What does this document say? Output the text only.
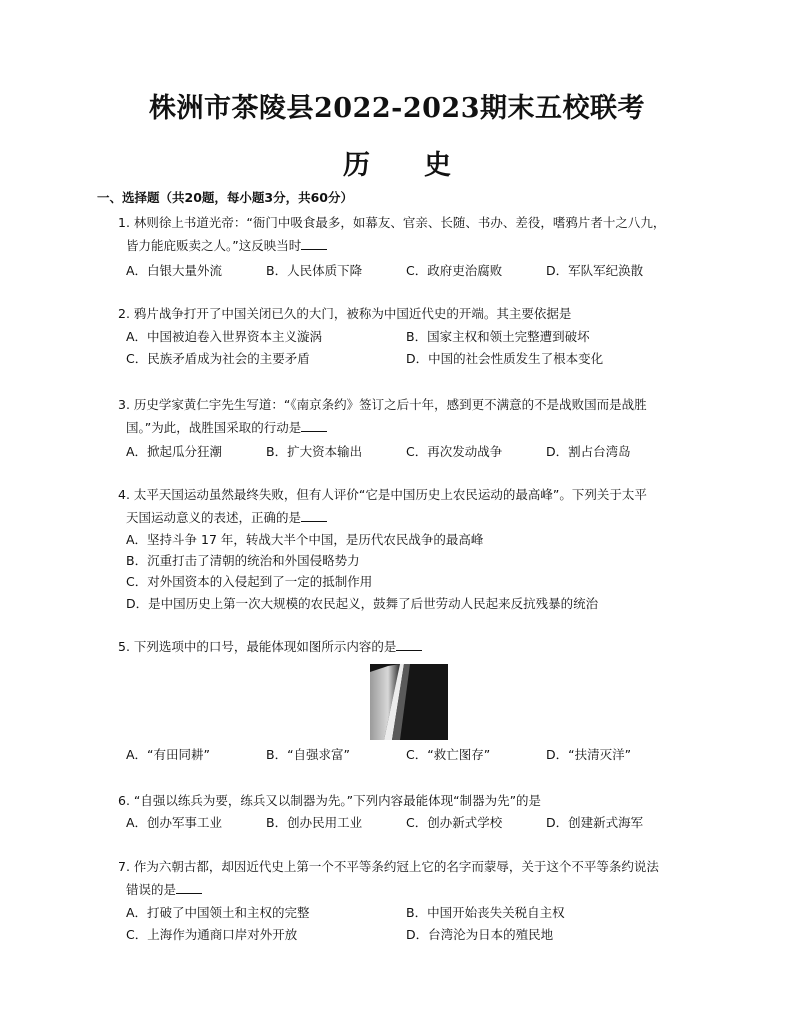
株洲市茶陵县2022-2023期末五校联考
历　　史
一、选择题（共20题，每小题3分，共60分）
1. 林则徐上书道光帝：“衙门中吸食最多，如幕友、官亲、长随、书办、差役，嗜鸦片者十之八九，
皆力能庇贩卖之人。”这反映当时
A．白银大量外流	B．人民体质下降	C．政府吏治腐败	D．军队军纪涣散
2. 鸦片战争打开了中国关闭已久的大门，被称为中国近代史的开端。其主要依据是
A．中国被迫卷入世界资本主义漩涡	B．国家主权和领土完整遭到破坏
C．民族矛盾成为社会的主要矛盾	D．中国的社会性质发生了根本变化
3. 历史学家黄仁宇先生写道：“《南京条约》签订之后十年，感到更不满意的不是战败国而是战胜
国。”为此，战胜国采取的行动是
A．掀起瓜分狂潮	B．扩大资本输出	C．再次发动战争	D．割占台湾岛
4. 太平天国运动虽然最终失败，但有人评价“它是中国历史上农民运动的最高峰”。下列关于太平
天国运动意义的表述，正确的是
A．坚持斗争 17 年，转战大半个中国，是历代农民战争的最高峰
B．沉重打击了清朝的统治和外国侵略势力
C．对外国资本的入侵起到了一定的抵制作用
D．是中国历史上第一次大规模的农民起义，鼓舞了后世劳动人民起来反抗残暴的统治
5. 下列选项中的口号，最能体现如图所示内容的是
A．“有田同耕”	B．“自强求富”	C．“救亡图存”	D．“扶清灭洋”
6. “自强以练兵为要，练兵又以制器为先。”下列内容最能体现“制器为先”的是
A．创办军事工业	B．创办民用工业	C．创办新式学校	D．创建新式海军
7. 作为六朝古都，却因近代史上第一个不平等条约冠上它的名字而蒙辱，关于这个不平等条约说法
错误的是
A．打破了中国领土和主权的完整	B．中国开始丧失关税自主权
C．上海作为通商口岸对外开放	D．台湾沦为日本的殖民地
